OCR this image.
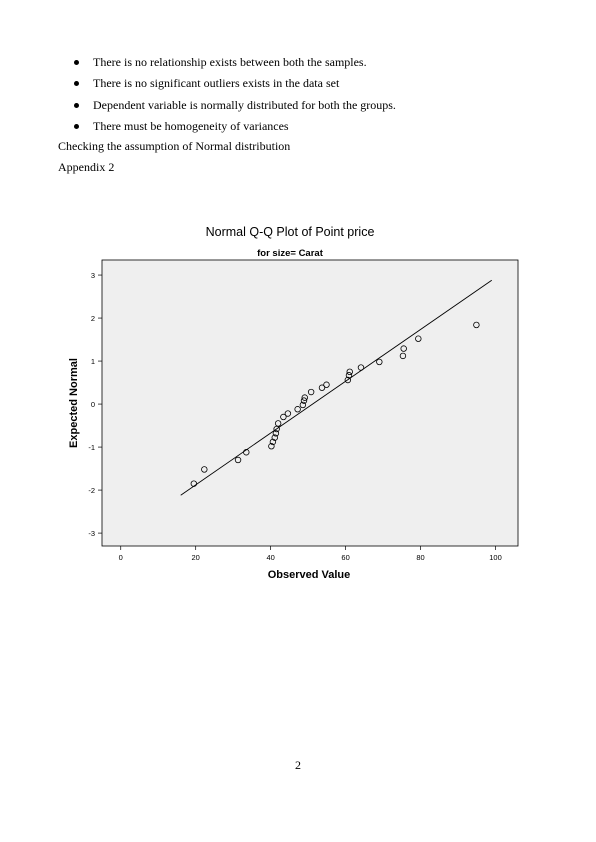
There is no relationship exists between both the samples.
There is no significant outliers exists in the data set
Dependent variable is normally distributed for both the groups.
There must be homogeneity of variances
Checking the assumption of Normal distribution
Appendix 2
Normal Q-Q Plot of Point price
for size= Carat
0	20	40	60	80	100
3
2
1
0
-1
-2
-3
Observed Value
Expected Normal
2
